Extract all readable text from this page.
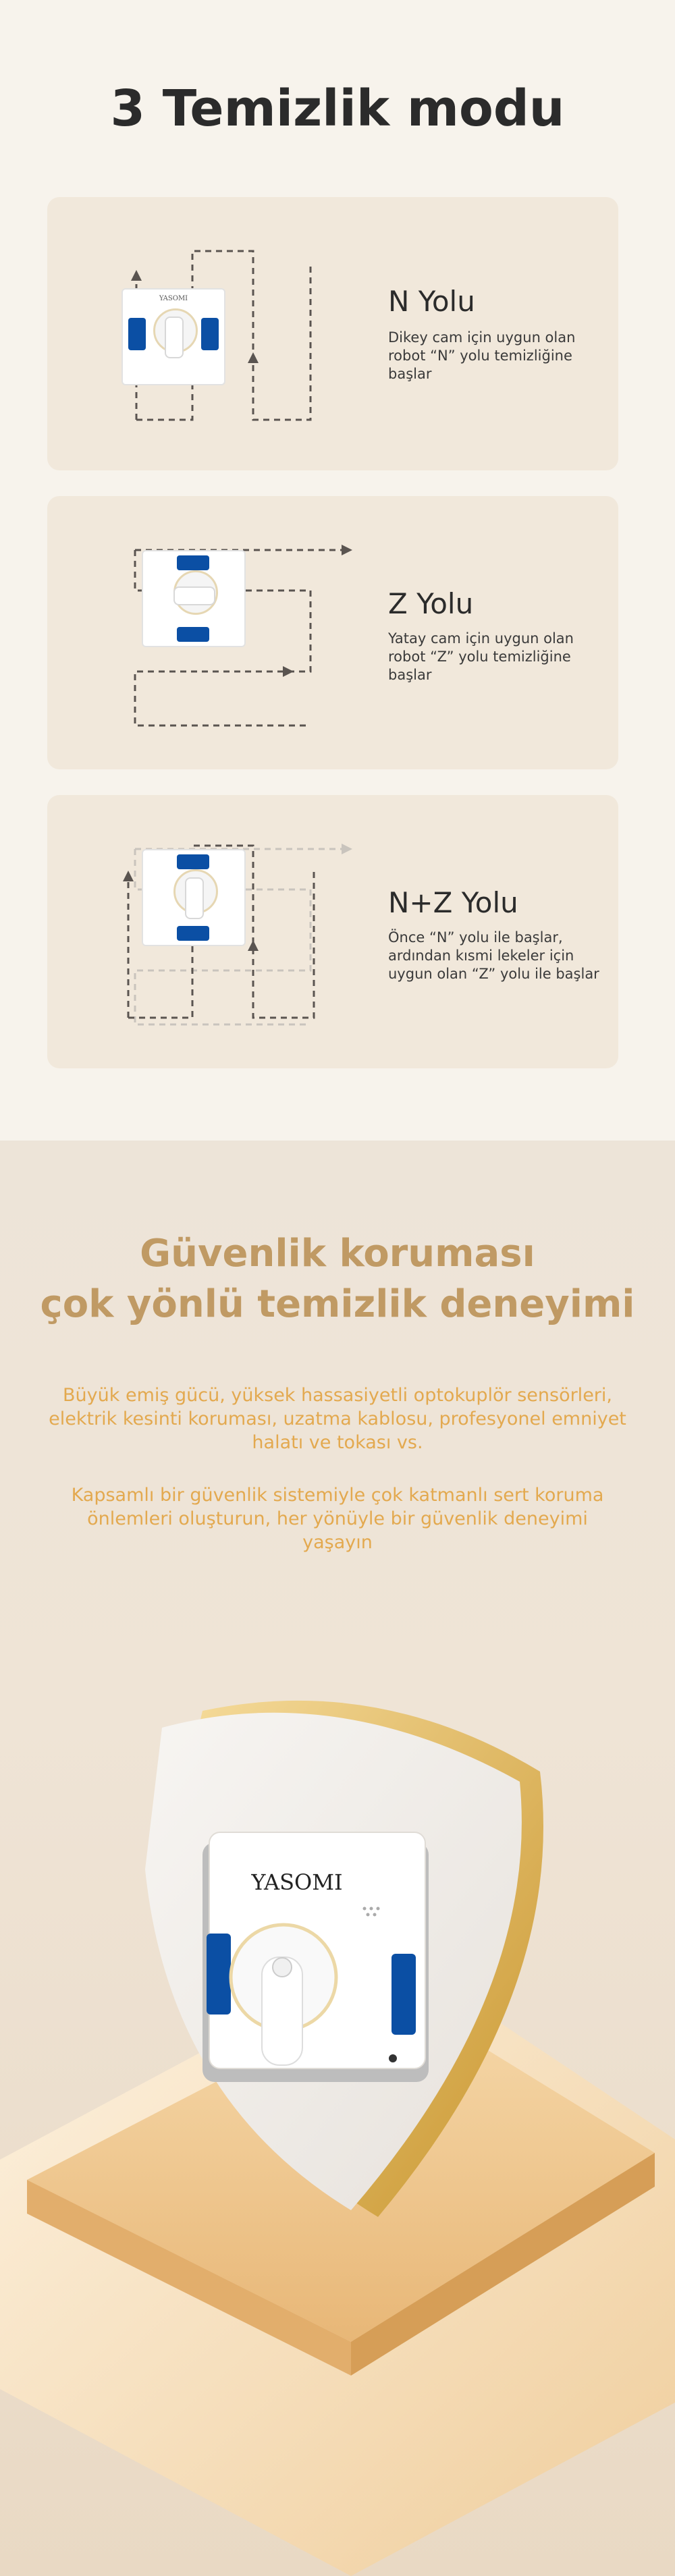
3 Temizlik modu
YASOMI	N Yolu
Dikey cam için uygun olan robot “N” yolu temizliğine başlar
Z Yolu
Yatay cam için uygun olan robot “Z” yolu temizliğine başlar
N+Z Yolu
Önce “N” yolu ile başlar, ardından kısmi lekeler için uygun olan “Z” yolu ile başlar
Güvenlik koruması
çok yönlü temizlik deneyimi
Büyük emiş gücü, yüksek hassasiyetli optokuplör sensörleri, elektrik kesinti koruması, uzatma kablosu, profesyonel emniyet halatı ve tokası vs.
Kapsamlı bir güvenlik sistemiyle çok katmanlı sert koruma önlemleri oluşturun, her yönüyle bir güvenlik deneyimi yaşayın
YASOMI
